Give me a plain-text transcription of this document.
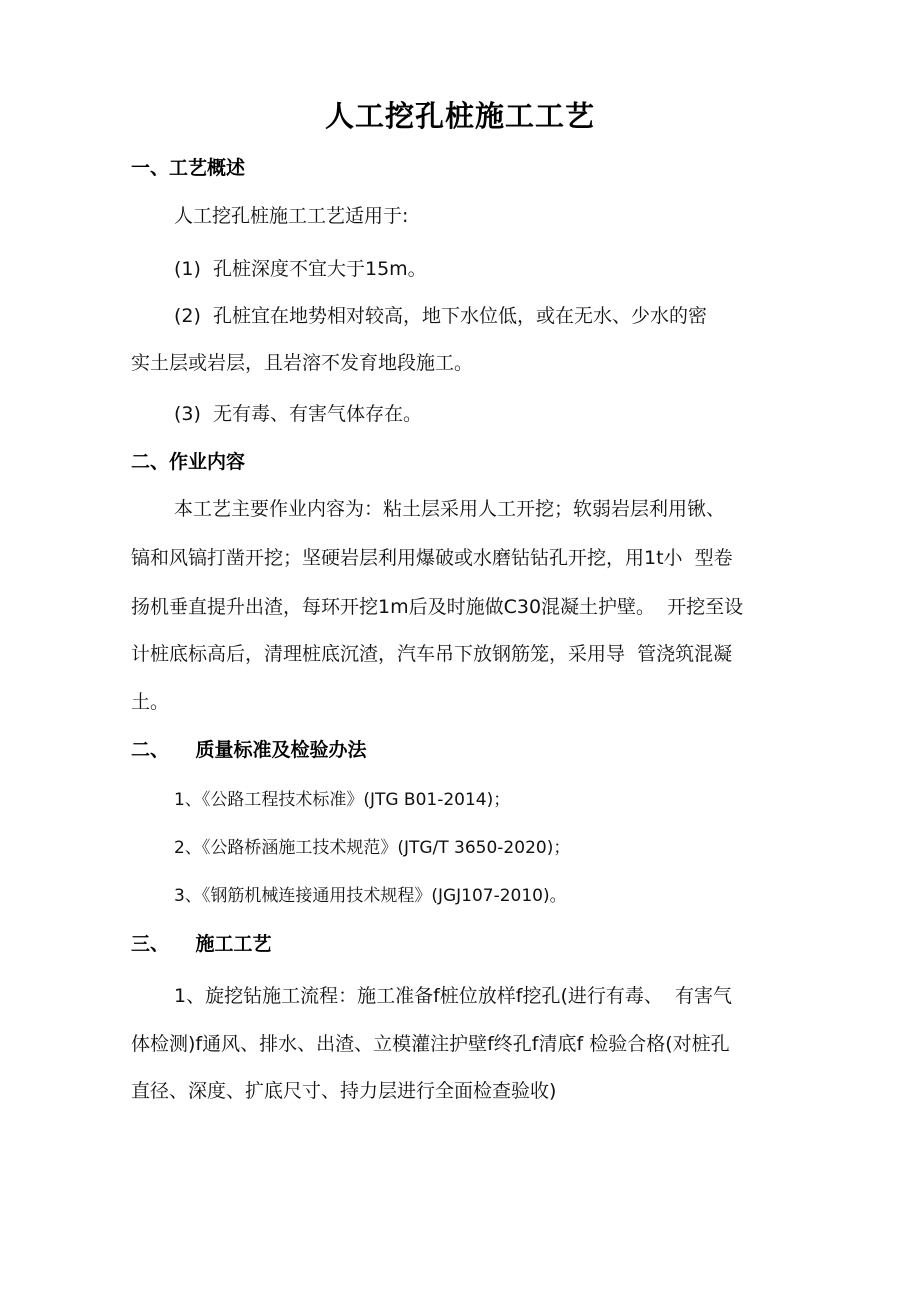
人工挖孔桩施工工艺
一、工艺概述
人工挖孔桩施工工艺适用于:
(1)  孔桩深度不宜大于15m。
(2)  孔桩宜在地势相对较高，地下水位低，或在无水、少水的密
实土层或岩层，且岩溶不发育地段施工。
(3)  无有毒、有害气体存在。
二、作业内容
本工艺主要作业内容为：粘土层采用人工开挖；软弱岩层利用锹、
镐和风镐打凿开挖；坚硬岩层利用爆破或水磨钻钻孔开挖，用1t小  型卷
扬机垂直提升出渣，每环开挖1m后及时施做C30混凝土护壁。  开挖至设
计桩底标高后，清理桩底沉渣，汽车吊下放钢筋笼，采用导  管浇筑混凝
土。
二、    质量标准及检验办法
1、《公路工程技术标准》(JTG B01-2014)；
2、《公路桥涵施工技术规范》(JTG/T 3650-2020)；
3、《钢筋机械连接通用技术规程》(JGJ107-2010)。
三、    施工工艺
1、旋挖钻施工流程：施工准备f桩位放样f挖孔(进行有毒、  有害气
体检测)f通风、排水、出渣、立模灌注护壁f终孔f清底f 检验合格(对桩孔
直径、深度、扩底尺寸、持力层进行全面检查验收)
